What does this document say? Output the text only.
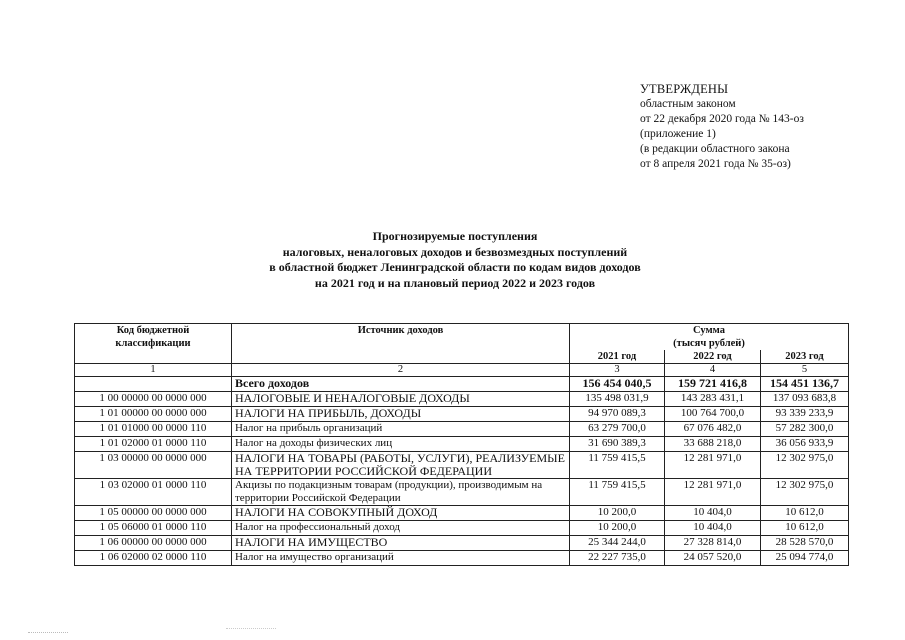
УТВЕРЖДЕНЫ
областным законом
от 22 декабря 2020 года № 143-оз
(приложение 1)
(в редакции областного закона
от 8 апреля 2021 года № 35-оз)
Прогнозируемые поступления
налоговых, неналоговых доходов и безвозмездных поступлений
в областной бюджет Ленинградской области по кодам видов доходов
на 2021 год и на плановый период 2022 и 2023 годов
Код бюджетной классификации	Источник доходов	Сумма
(тысяч рублей)		

		2021 год	2022 год	2023 год
1	2	3	4	5
	Всего доходов	156 454 040,5	159 721 416,8	154 451 136,7
1 00 00000 00 0000 000	НАЛОГОВЫЕ И НЕНАЛОГОВЫЕ ДОХОДЫ	135 498 031,9	143 283 431,1	137 093 683,8
1 01 00000 00 0000 000	НАЛОГИ НА ПРИБЫЛЬ, ДОХОДЫ	94 970 089,3	100 764 700,0	93 339 233,9
1 01 01000 00 0000 110	Налог на прибыль организаций	63 279 700,0	67 076 482,0	57 282 300,0
1 01 02000 01 0000 110	Налог на доходы физических лиц	31 690 389,3	33 688 218,0	36 056 933,9
1 03 00000 00 0000 000	НАЛОГИ НА ТОВАРЫ (РАБОТЫ, УСЛУГИ), РЕАЛИЗУЕМЫЕ НА ТЕРРИТОРИИ РОССИЙСКОЙ ФЕДЕРАЦИИ	11 759 415,5	12 281 971,0	12 302 975,0
1 03 02000 01 0000 110	Акцизы по подакцизным товарам (продукции), производимым на территории Российской Федерации	11 759 415,5	12 281 971,0	12 302 975,0
1 05 00000 00 0000 000	НАЛОГИ НА СОВОКУПНЫЙ ДОХОД	10 200,0	10 404,0	10 612,0
1 05 06000 01 0000 110	Налог на профессиональный доход	10 200,0	10 404,0	10 612,0
1 06 00000 00 0000 000	НАЛОГИ НА ИМУЩЕСТВО	25 344 244,0	27 328 814,0	28 528 570,0
1 06 02000 02 0000 110	Налог на имущество организаций	22 227 735,0	24 057 520,0	25 094 774,0
